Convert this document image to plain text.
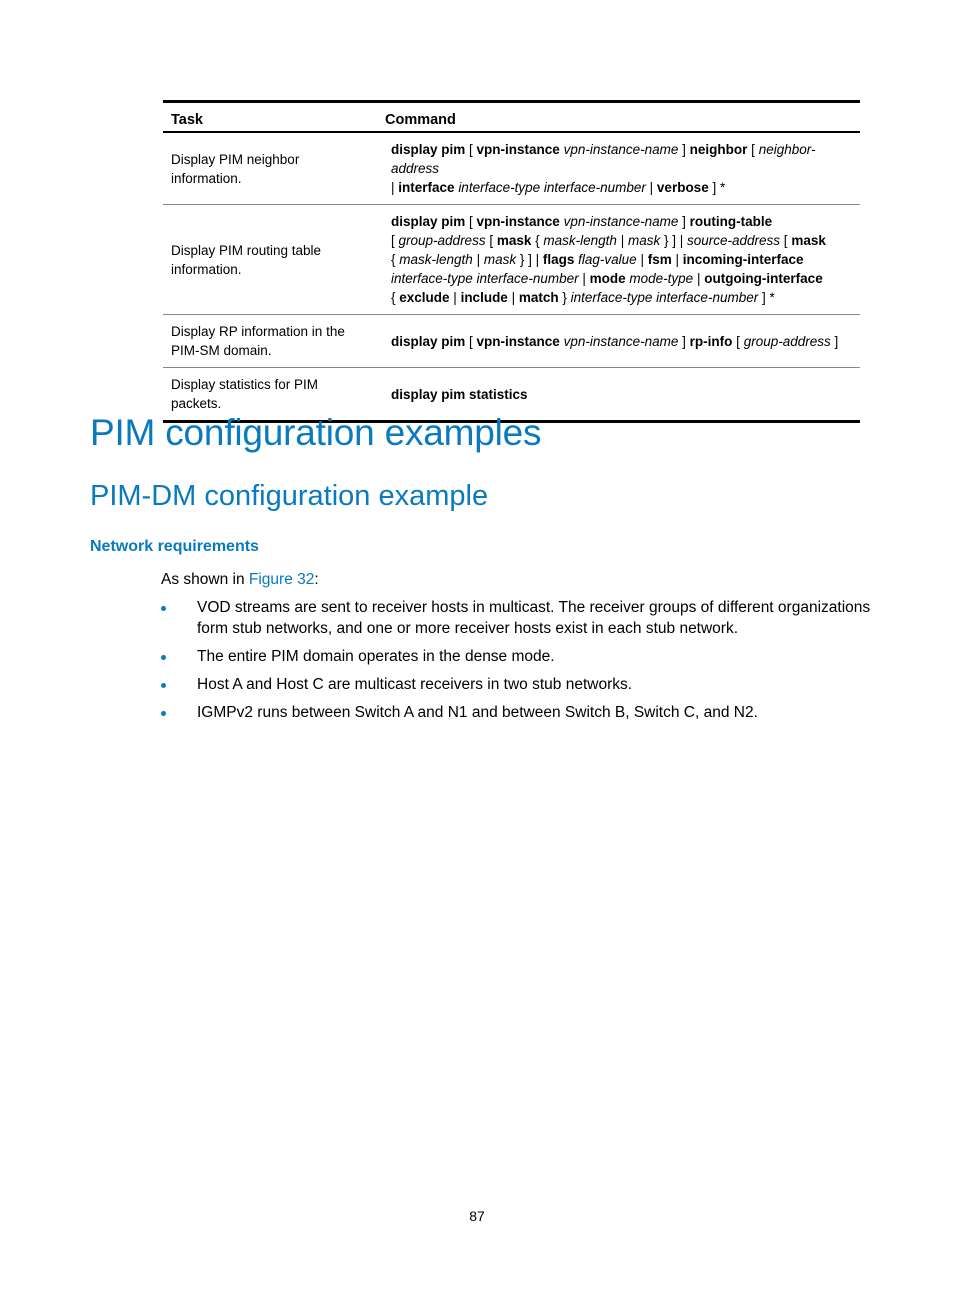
Task	Command
Display PIM neighbor information.	display pim [ vpn-instance vpn-instance-name ] neighbor [ neighbor-address
| interface interface-type interface-number | verbose ] *
Display PIM routing table information.	display pim [ vpn-instance vpn-instance-name ] routing-table
[ group-address [ mask { mask-length | mask } ] | source-address [ mask
{ mask-length | mask } ] | flags flag-value | fsm | incoming-interface
interface-type interface-number | mode mode-type | outgoing-interface
{ exclude | include | match } interface-type interface-number ] *
Display RP information in the PIM-SM domain.	display pim [ vpn-instance vpn-instance-name ] rp-info [ group-address ]
Display statistics for PIM packets.	display pim statistics
PIM configuration examples
PIM-DM configuration example
Network requirements

As shown in Figure 32:

VOD streams are sent to receiver hosts in multicast. The receiver groups of different organizations form stub networks, and one or more receiver hosts exist in each stub network.
The entire PIM domain operates in the dense mode.
Host A and Host C are multicast receivers in two stub networks.
IGMPv2 runs between Switch A and N1 and between Switch B, Switch C, and N2.
87
